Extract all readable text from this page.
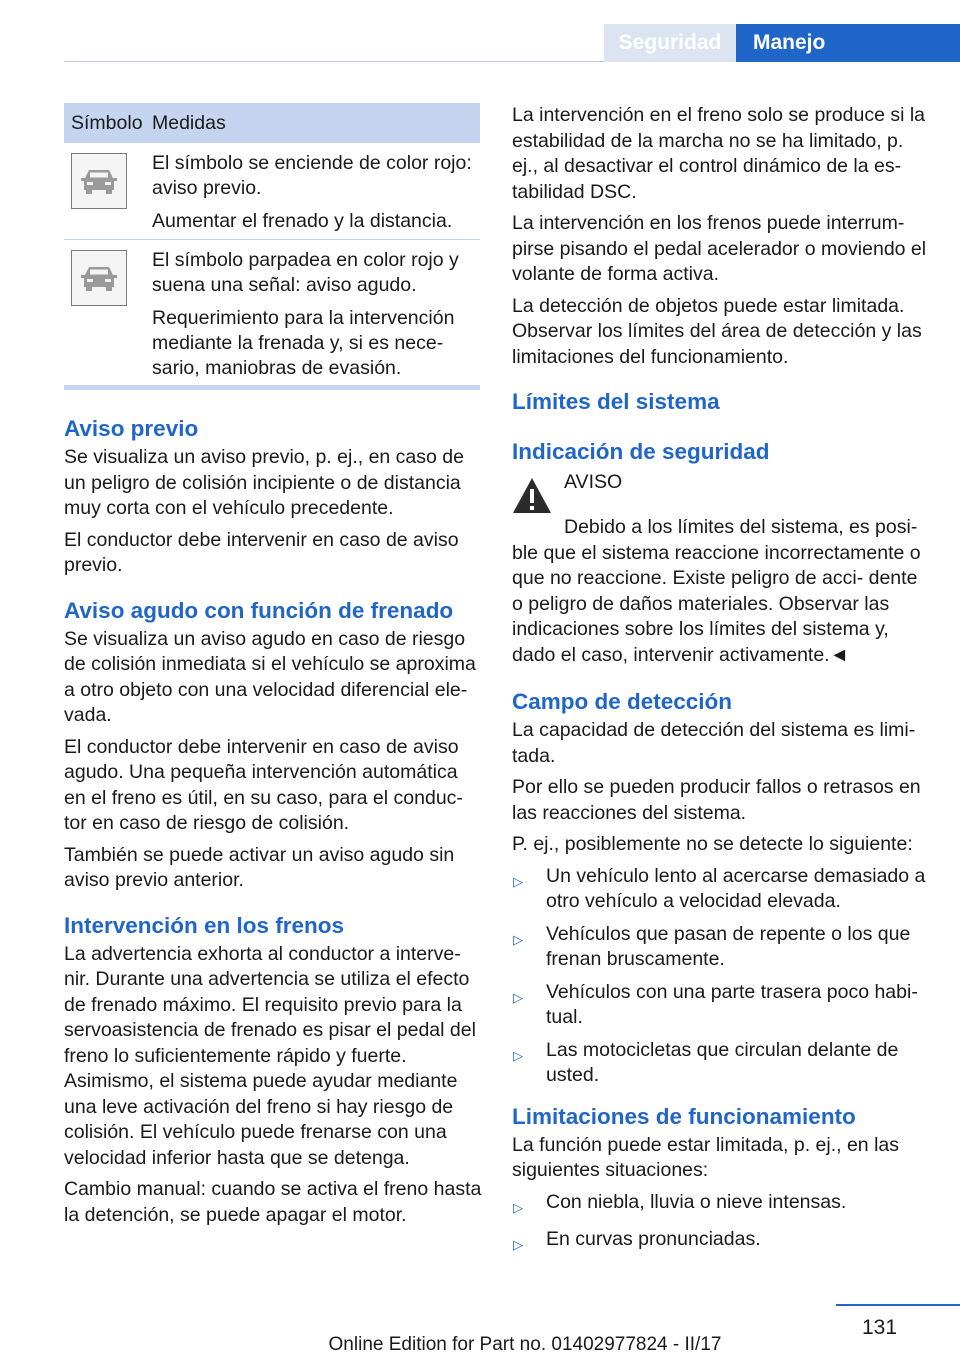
Seguridad	Manejo
Símbolo Medidas

El símbolo se enciende de color rojo: aviso previo.

Aumentar el frenado y la distancia.

El símbolo parpadea en color rojo y suena una señal: aviso agudo.

Requerimiento para la intervención mediante la frenada y, si es nece‐ sario, maniobras de evasión.

Aviso previo

Se visualiza un aviso previo, p. ej., en caso de un peligro de colisión incipiente o de distancia muy corta con el vehículo precedente.

El conductor debe intervenir en caso de aviso previo.

Aviso agudo con función de frenado

Se visualiza un aviso agudo en caso de riesgo de colisión inmediata si el vehículo se aproxima a otro objeto con una velocidad diferencial ele‐ vada.

El conductor debe intervenir en caso de aviso agudo. Una pequeña intervención automática en el freno es útil, en su caso, para el conduc‐ tor en caso de riesgo de colisión.

También se puede activar un aviso agudo sin aviso previo anterior.

Intervención en los frenos

La advertencia exhorta al conductor a interve‐ nir. Durante una advertencia se utiliza el efecto de frenado máximo. El requisito previo para la servoasistencia de frenado es pisar el pedal del freno lo suficientemente rápido y fuerte. Asimismo, el sistema puede ayudar mediante una leve activación del freno si hay riesgo de colisión. El vehículo puede frenarse con una velocidad inferior hasta que se detenga.

Cambio manual: cuando se activa el freno hasta la detención, se puede apagar el motor.

La intervención en el freno solo se produce si la estabilidad de la marcha no se ha limitado, p. ej., al desactivar el control dinámico de la es‐ tabilidad DSC.

La intervención en los frenos puede interrum‐ pirse pisando el pedal acelerador o moviendo el volante de forma activa.

La detección de objetos puede estar limitada. Observar los límites del área de detección y las limitaciones del funcionamiento.

Límites del sistema
Indicación de seguridad
AVISO

Debido a los límites del sistema, es posi‐ ble que el sistema reaccione incorrectamente o que no reaccione. Existe peligro de acci‐ dente o peligro de daños materiales. Observar las indicaciones sobre los límites del sistema y, dado el caso, intervenir activamente.◄

Campo de detección

La capacidad de detección del sistema es limi‐ tada.

Por ello se pueden producir fallos o retrasos en las reacciones del sistema.

P. ej., posiblemente no se detecte lo siguiente:

▷	Un vehículo lento al acercarse demasiado a otro vehículo a velocidad elevada.
▷	Vehículos que pasan de repente o los que frenan bruscamente.
▷	Vehículos con una parte trasera poco habi‐ tual.
▷	Las motocicletas que circulan delante de usted.
Limitaciones de funcionamiento

La función puede estar limitada, p. ej., en las siguientes situaciones:

▷	Con niebla, lluvia o nieve intensas.
▷	En curvas pronunciadas.
131
Online Edition for Part no. 01402977824 - II/17
